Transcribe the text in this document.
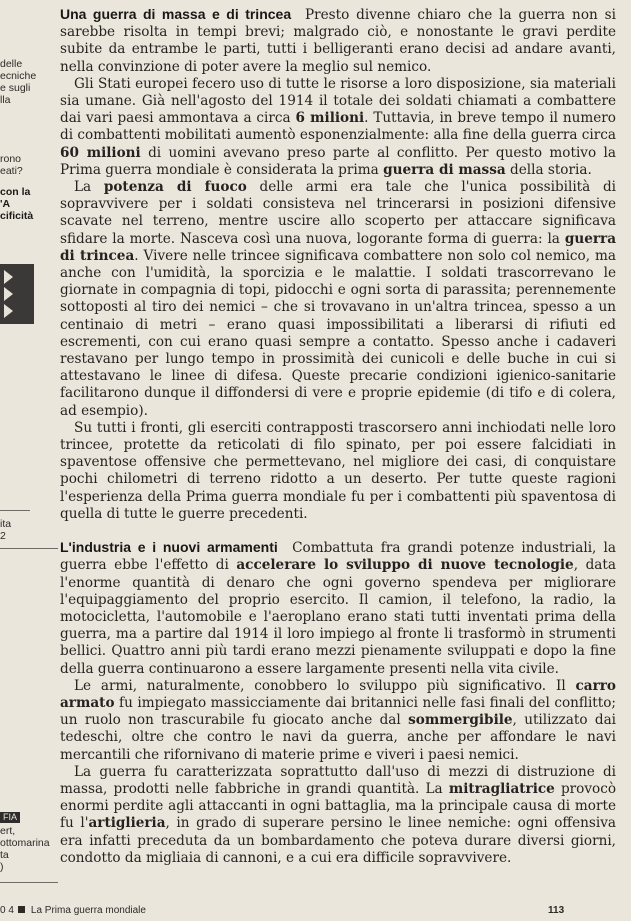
delle
ecniche
e sugli
lla
rono
eati?
con la
'A
cificità
ita
2
FIA
ert,
ottomarina
ta
)

Una guerra di massa e di trincea Presto divenne chiaro che la guerra non si sarebbe risolta in tempi brevi; malgrado ciò, e nonostante le gravi perdite subite da entrambe le parti, tutti i belligeranti erano decisi ad andare avanti, nella convinzione di poter avere la meglio sul nemico.

Gli Stati europei fecero uso di tutte le risorse a loro disposizione, sia materiali sia umane. Già nell'agosto del 1914 il totale dei soldati chiamati a combattere dai vari paesi ammontava a circa 6 milioni. Tuttavia, in breve tempo il numero di combattenti mobilitati aumentò esponenzialmente: alla fine della guerra circa 60 milioni di uomini avevano preso parte al conflitto. Per questo motivo la Prima guerra mondiale è considerata la prima guerra di massa della storia.

La potenza di fuoco delle armi era tale che l'unica possibilità di sopravvivere per i soldati consisteva nel trincerarsi in posizioni difensive scavate nel terreno, mentre uscire allo scoperto per attaccare significava sfidare la morte. Nasceva così una nuova, logorante forma di guerra: la guerra di trincea. Vivere nelle trincee significava combattere non solo col nemico, ma anche con l'umidità, la sporcizia e le malattie. I soldati trascorrevano le giornate in compagnia di topi, pidocchi e ogni sorta di parassita; perennemente sottoposti al tiro dei nemici – che si trovavano in un'altra trincea, spesso a un centinaio di metri – erano quasi impossibilitati a liberarsi di rifiuti ed escrementi, con cui erano quasi sempre a contatto. Spesso anche i cadaveri restavano per lungo tempo in prossimità dei cunicoli e delle buche in cui si attestavano le linee di difesa. Queste precarie condizioni igienico-sanitarie facilitarono dunque il diffondersi di vere e proprie epidemie (di tifo e di colera, ad esempio).

Su tutti i fronti, gli eserciti contrapposti trascorsero anni inchiodati nelle loro trincee, protette da reticolati di filo spinato, per poi essere falcidiati in spaventose offensive che permettevano, nel migliore dei casi, di conquistare pochi chilometri di terreno ridotto a un deserto. Per tutte queste ragioni l'esperienza della Prima guerra mondiale fu per i combattenti più spaventosa di quella di tutte le guerre precedenti.

L'industria e i nuovi armamenti Combattuta fra grandi potenze industriali, la guerra ebbe l'effetto di accelerare lo sviluppo di nuove tecnologie, data l'enorme quantità di denaro che ogni governo spendeva per migliorare l'equipaggiamento del proprio esercito. Il camion, il telefono, la radio, la motocicletta, l'automobile e l'aeroplano erano stati tutti inventati prima della guerra, ma a partire dal 1914 il loro impiego al fronte li trasformò in strumenti bellici. Quattro anni più tardi erano mezzi pienamente sviluppati e dopo la fine della guerra continuarono a essere largamente presenti nella vita civile.

Le armi, naturalmente, conobbero lo sviluppo più significativo. Il carro armato fu impiegato massicciamente dai britannici nelle fasi finali del conflitto; un ruolo non trascurabile fu giocato anche dal sommergibile, utilizzato dai tedeschi, oltre che contro le navi da guerra, anche per affondare le navi mercantili che rifornivano di materie prime e viveri i paesi nemici.

La guerra fu caratterizzata soprattutto dall'uso di mezzi di distruzione di massa, prodotti nelle fabbriche in grandi quantità. La mitragliatrice provocò enormi perdite agli attaccanti in ogni battaglia, ma la principale causa di morte fu l'artiglieria, in grado di superare persino le linee nemiche: ogni offensiva era infatti preceduta da un bombardamento che poteva durare diversi giorni, condotto da migliaia di cannoni, e a cui era difficile sopravvivere.

0 4 La Prima guerra mondiale	113
